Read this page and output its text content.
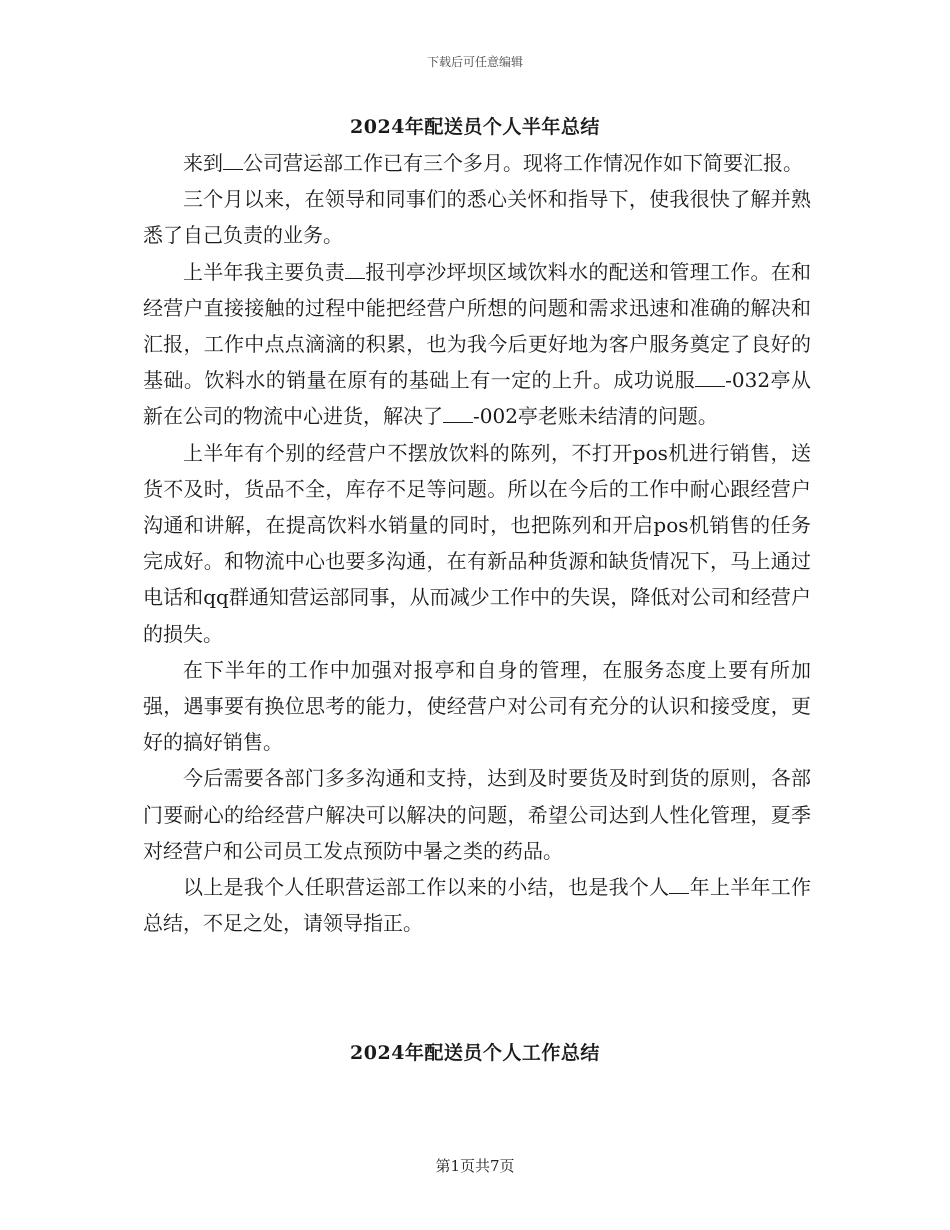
下载后可任意编辑
2024年配送员个人半年总结

来到 公司营运部工作已有三个多月。现将工作情况作如下简要汇报。

三个月以来，在领导和同事们的悉心关怀和指导下，使我很快了解并熟悉了自己负责的业务。

上半年我主要负责 报刊亭沙坪坝区域饮料水的配送和管理工作。在和经营户直接接触的过程中能把经营户所想的问题和需求迅速和准确的解决和汇报，工作中点点滴滴的积累，也为我今后更好地为客户服务奠定了良好的基础。饮料水的销量在原有的基础上有一定的上升。成功说服 -032亭从新在公司的物流中心进货，解决了 -002亭老账未结清的问题。

上半年有个别的经营户不摆放饮料的陈列，不打开pos机进行销售，送货不及时，货品不全，库存不足等问题。所以在今后的工作中耐心跟经营户沟通和讲解，在提高饮料水销量的同时，也把陈列和开启pos机销售的任务完成好。和物流中心也要多沟通，在有新品种货源和缺货情况下，马上通过电话和qq群通知营运部同事，从而减少工作中的失误，降低对公司和经营户的损失。

在下半年的工作中加强对报亭和自身的管理，在服务态度上要有所加强，遇事要有换位思考的能力，使经营户对公司有充分的认识和接受度，更好的搞好销售。

今后需要各部门多多沟通和支持，达到及时要货及时到货的原则，各部门要耐心的给经营户解决可以解决的问题，希望公司达到人性化管理，夏季对经营户和公司员工发点预防中暑之类的药品。

以上是我个人任职营运部工作以来的小结，也是我个人 年上半年工作总结，不足之处，请领导指正。

2024年配送员个人工作总结
第1页共7页
